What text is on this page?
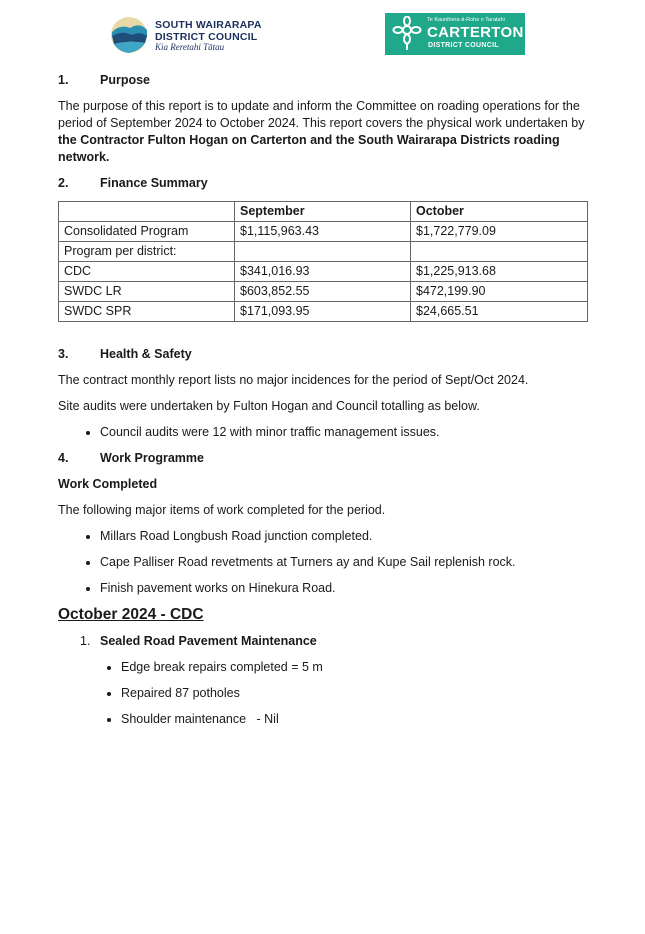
SOUTH WAIRARAPA
DISTRICT COUNCIL
Kia Reretahi Tātau
Te Kaunihera-ā-Rohe o Taratahi
CARTERTON
DISTRICT COUNCIL
1.	Purpose

The purpose of this report is to update and inform the Committee on roading operations for the period of September 2024 to October 2024. This report covers the physical work undertaken by the Contractor Fulton Hogan on Carterton and the South Wairarapa Districts roading network.

2.	Finance Summary
	September	October
Consolidated Program	$1,115,963.43	$1,722,779.09
Program per district:		
CDC	$341,016.93	$1,225,913.68
SWDC LR	$603,852.55	$472,199.90
SWDC SPR	$171,093.95	$24,665.51
3.	Health & Safety

The contract monthly report lists no major incidences for the period of Sept/Oct 2024.

Site audits were undertaken by Fulton Hogan and Council totalling as below.

• Council audits were 12 with minor traffic management issues.
4.	Work Programme

Work Completed

The following major items of work completed for the period.

• Millars Road Longbush Road junction completed.
• Cape Palliser Road revetments at Turners ay and Kupe Sail replenish rock.
• Finish pavement works on Hinekura Road.
October 2024 - CDC
1. Sealed Road Pavement Maintenance
• Edge break repairs completed = 5 m
• Repaired 87 potholes
• Shoulder maintenance   - Nil
